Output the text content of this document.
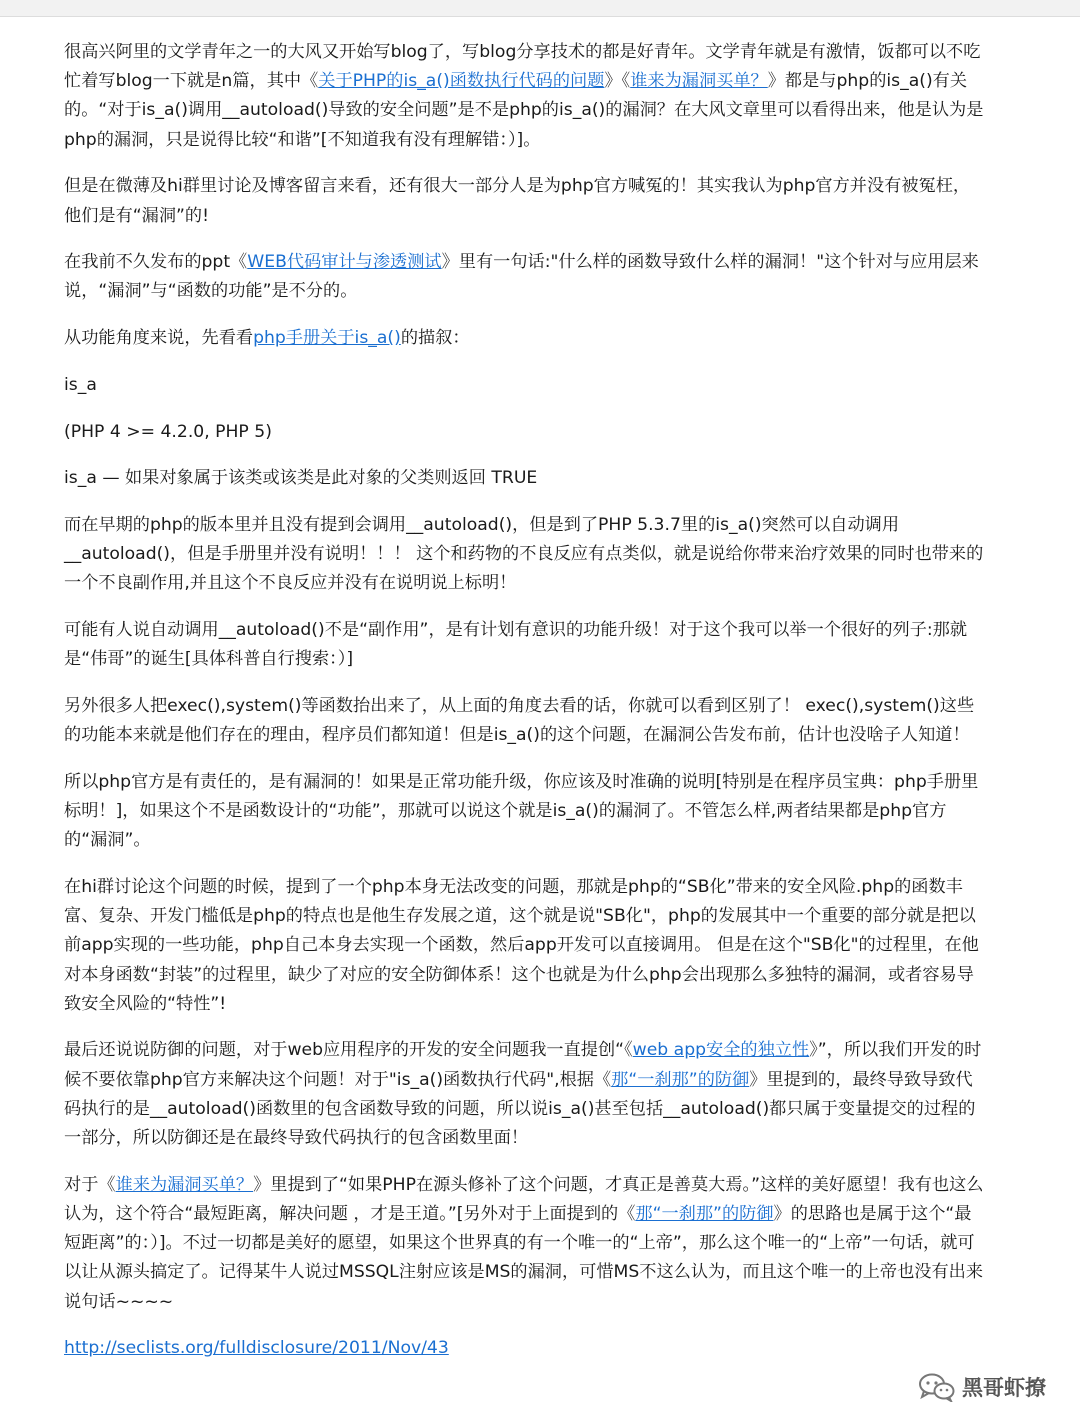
很高兴阿里的文学青年之一的大风又开始写blog了，写blog分享技术的都是好青年。文学青年就是有激情，饭都可以不吃忙着写blog一下就是n篇，其中《关于PHP的is_a()函数执行代码的问题》《谁来为漏洞买单？》都是与php的is_a()有关的。“对于is_a()调用__autoload()导致的安全问题”是不是php的is_a()的漏洞？在大风文章里可以看得出来，他是认为是php的漏洞，只是说得比较“和谐”[不知道我有没有理解错：）]。

但是在微薄及hi群里讨论及博客留言来看，还有很大一部分人是为php官方喊冤的！其实我认为php官方并没有被冤枉，他们是有“漏洞”的!

在我前不久发布的ppt《WEB代码审计与渗透测试》里有一句话:"什么样的函数导致什么样的漏洞！"这个针对与应用层来说，“漏洞”与“函数的功能”是不分的。

从功能角度来说，先看看php手册关于is_a()的描叙：

is_a

(PHP 4 >= 4.2.0, PHP 5)

is_a — 如果对象属于该类或该类是此对象的父类则返回 TRUE

而在早期的php的版本里并且没有提到会调用__autoload()，但是到了PHP 5.3.7里的is_a()突然可以自动调用__autoload()，但是手册里并没有说明！！！ 这个和药物的不良反应有点类似，就是说给你带来治疗效果的同时也带来的一个不良副作用,并且这个不良反应并没有在说明说上标明！

可能有人说自动调用__autoload()不是“副作用”，是有计划有意识的功能升级！对于这个我可以举一个很好的列子:那就是“伟哥”的诞生[具体科普自行搜索：）]

另外很多人把exec(),system()等函数抬出来了，从上面的角度去看的话，你就可以看到区别了！ exec(),system()这些的功能本来就是他们存在的理由，程序员们都知道！但是is_a()的这个问题，在漏洞公告发布前，估计也没啥子人知道！

所以php官方是有责任的，是有漏洞的！如果是正常功能升级，你应该及时准确的说明[特别是在程序员宝典：php手册里标明！]，如果这个不是函数设计的“功能”，那就可以说这个就是is_a()的漏洞了。不管怎么样,两者结果都是php官方的“漏洞”。

在hi群讨论这个问题的时候，提到了一个php本身无法改变的问题，那就是php的“SB化”带来的安全风险.php的函数丰富、复杂、开发门槛低是php的特点也是他生存发展之道，这个就是说"SB化"，php的发展其中一个重要的部分就是把以前app实现的一些功能，php自己本身去实现一个函数，然后app开发可以直接调用。 但是在这个"SB化"的过程里，在他对本身函数“封装”的过程里，缺少了对应的安全防御体系！这个也就是为什么php会出现那么多独特的漏洞，或者容易导致安全风险的“特性”!

最后还说说防御的问题，对于web应用程序的开发的安全问题我一直提创“《web app安全的独立性》”，所以我们开发的时候不要依靠php官方来解决这个问题！对于"is_a()函数执行代码",根据《那“一刹那”的防御》里提到的，最终导致导致代码执行的是__autoload()函数里的包含函数导致的问题，所以说is_a()甚至包括__autoload()都只属于变量提交的过程的一部分，所以防御还是在最终导致代码执行的包含函数里面！

对于《谁来为漏洞买单？》里提到了“如果PHP在源头修补了这个问题，才真正是善莫大焉。”这样的美好愿望！我有也这么认为，这个符合“最短距离，解决问题 ，才是王道。”[另外对于上面提到的《那“一刹那”的防御》的思路也是属于这个“最短距离”的：）]。不过一切都是美好的愿望，如果这个世界真的有一个唯一的“上帝”，那么这个唯一的“上帝”一句话，就可以让从源头搞定了。记得某牛人说过MSSQL注射应该是MS的漏洞，可惜MS不这么认为，而且这个唯一的上帝也没有出来说句话~~~~

http://seclists.org/fulldisclosure/2011/Nov/43

黑哥虾撩
